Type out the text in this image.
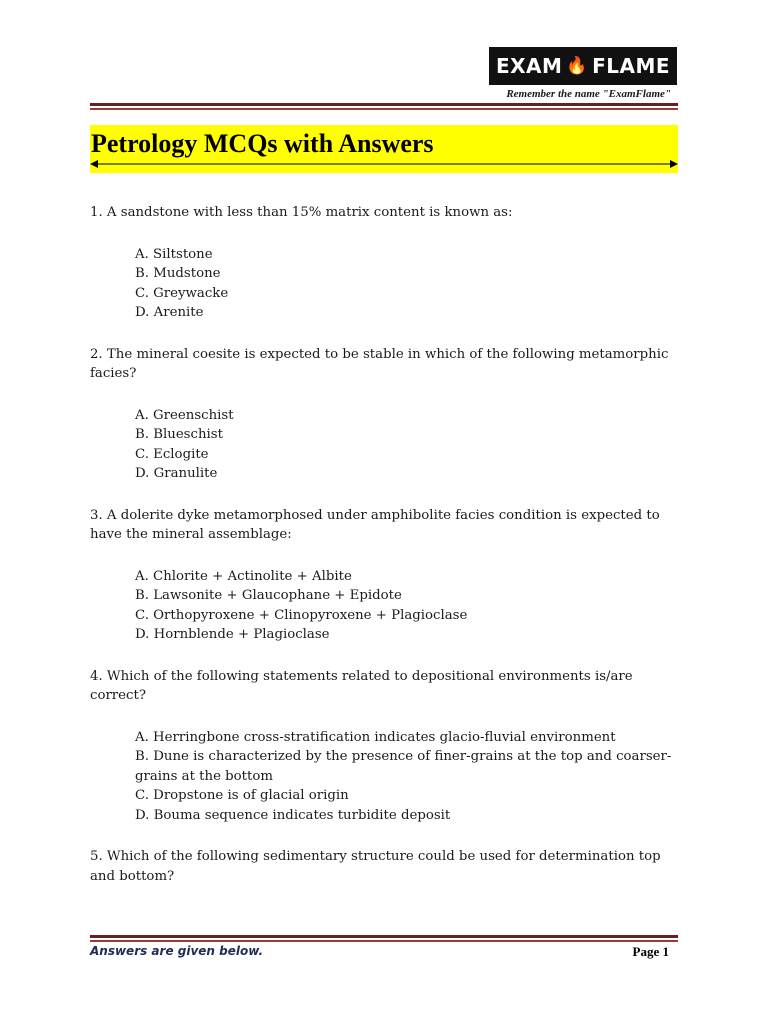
EXAM 🔥 FLAME
Remember the name "ExamFlame"
Petrology MCQs with Answers
1. A sandstone with less than 15% matrix content is known as:
A. Siltstone
B. Mudstone
C. Greywacke
D. Arenite
2. The mineral coesite is expected to be stable in which of the following metamorphic facies?
A. Greenschist
B. Blueschist
C. Eclogite
D. Granulite
3. A dolerite dyke metamorphosed under amphibolite facies condition is expected to have the mineral assemblage:
A. Chlorite + Actinolite + Albite
B. Lawsonite + Glaucophane + Epidote
C. Orthopyroxene + Clinopyroxene + Plagioclase
D. Hornblende + Plagioclase
4. Which of the following statements related to depositional environments is/are correct?
A. Herringbone cross-stratification indicates glacio-fluvial environment
B. Dune is characterized by the presence of finer-grains at the top and coarser-grains at the bottom
C. Dropstone is of glacial origin
D. Bouma sequence indicates turbidite deposit
5. Which of the following sedimentary structure could be used for determination top and bottom?
Answers are given below.	Page 1
